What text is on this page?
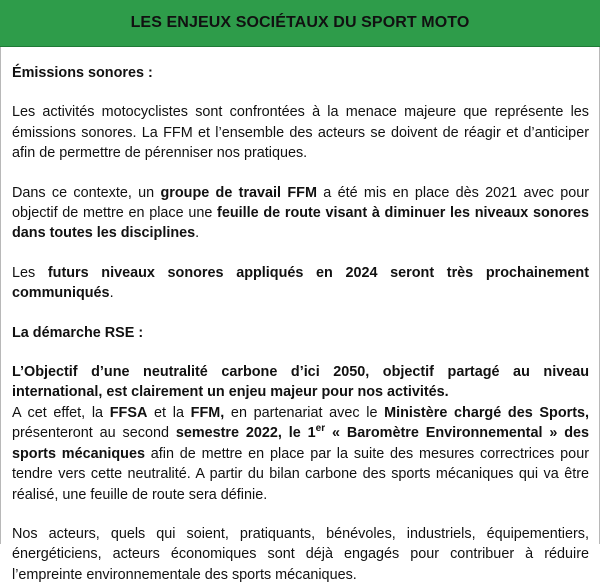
LES ENJEUX SOCIÉTAUX DU SPORT MOTO

Émissions sonores :

Les activités motocyclistes sont confrontées à la menace majeure que représente les émissions sonores. La FFM et l’ensemble des acteurs se doivent de réagir et d’anticiper afin de permettre de pérenniser nos pratiques.

Dans ce contexte, un groupe de travail FFM a été mis en place dès 2021 avec pour objectif de mettre en place une feuille de route visant à diminuer les niveaux sonores dans toutes les disciplines.

Les futurs niveaux sonores appliqués en 2024 seront très prochainement communiqués.

La démarche RSE :

L’Objectif d’une neutralité carbone d’ici 2050, objectif partagé au niveau international, est clairement un enjeu majeur pour nos activités.

A cet effet, la FFSA et la FFM, en partenariat avec le Ministère chargé des Sports, présenteront au second semestre 2022, le 1er « Baromètre Environnemental » des sports mécaniques afin de mettre en place par la suite des mesures correctrices pour tendre vers cette neutralité. A partir du bilan carbone des sports mécaniques qui va être réalisé, une feuille de route sera définie.

Nos acteurs, quels qui soient, pratiquants, bénévoles, industriels, équipementiers, énergéticiens, acteurs économiques sont déjà engagés pour contribuer à réduire l’empreinte environnementale des sports mécaniques.
